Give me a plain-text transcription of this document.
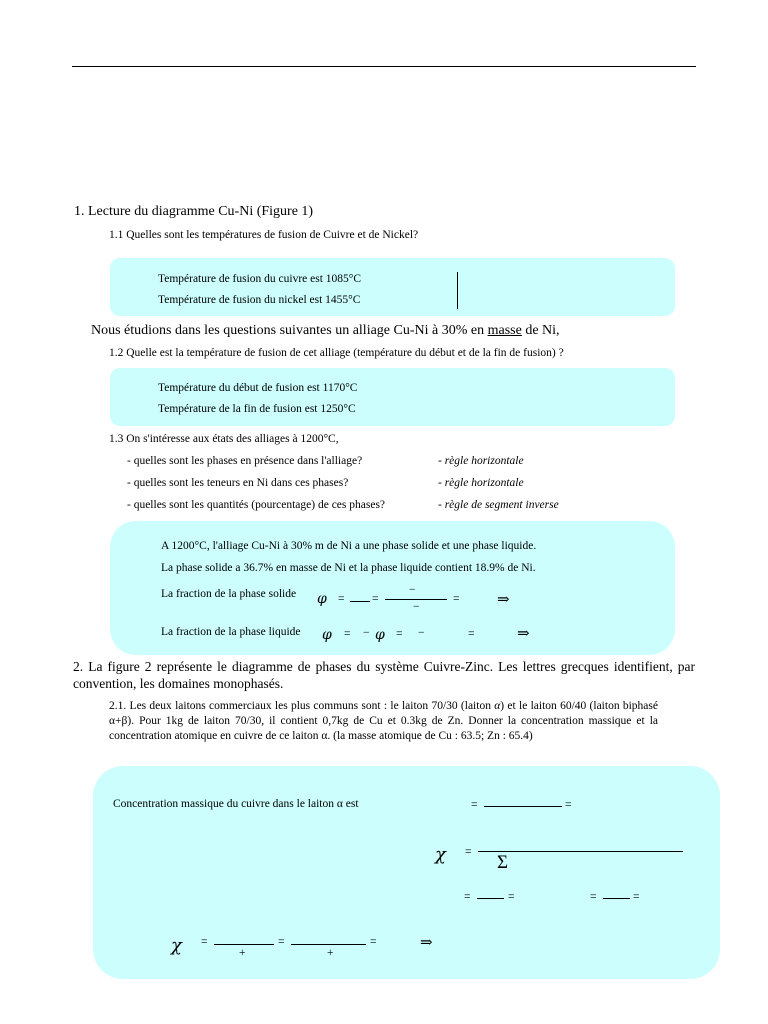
1. Lecture du diagramme Cu-Ni (Figure 1)
1.1 Quelles sont les températures de fusion de Cuivre et de Nickel?
Température de fusion du cuivre est 1085°C
Température de fusion du nickel est 1455°C
Nous étudions dans les questions suivantes un alliage Cu-Ni à 30% en masse de Ni,
1.2 Quelle est la température de fusion de cet alliage (température du début et de la fin de fusion) ?
Température du début de fusion est 1170°C
Température de la fin de fusion est 1250°C
1.3 On s'intéresse aux états des alliages à 1200°C,
- quelles sont les phases en présence dans l'alliage?	- règle horizontale
- quelles sont les teneurs en Ni dans ces phases?	- règle horizontale
- quelles sont les quantités (pourcentage) de ces phases?	- règle de segment inverse
A 1200°C, l'alliage Cu-Ni à 30% m de Ni a une phase solide et une phase liquide.
La phase solide a 36.7% en masse de Ni et la phase liquide contient 18.9% de Ni.
La fraction de la phase solide φ = =
−
−
=	⇒
La fraction de la phase liquide φ = − φ = −	=	⇒
2. La figure 2 représente le diagramme de phases du système Cuivre-Zinc. Les lettres grecques identifient, par convention, les domaines monophasés.
2.1. Les deux laitons commerciaux les plus communs sont : le laiton 70/30 (laiton α) et le laiton 60/40 (laiton biphasé α+β). Pour 1kg de laiton 70/30, il contient 0,7kg de Cu et 0.3kg de Zn. Donner la concentration massique et la concentration atomique en cuivre de ce laiton α. (la masse atomique de Cu : 63.5; Zn : 65.4)
Concentration massique du cuivre dans le laiton α est	=	=
χ = Σ
=	=	=	=
χ =
+
=
+
=	⇒
